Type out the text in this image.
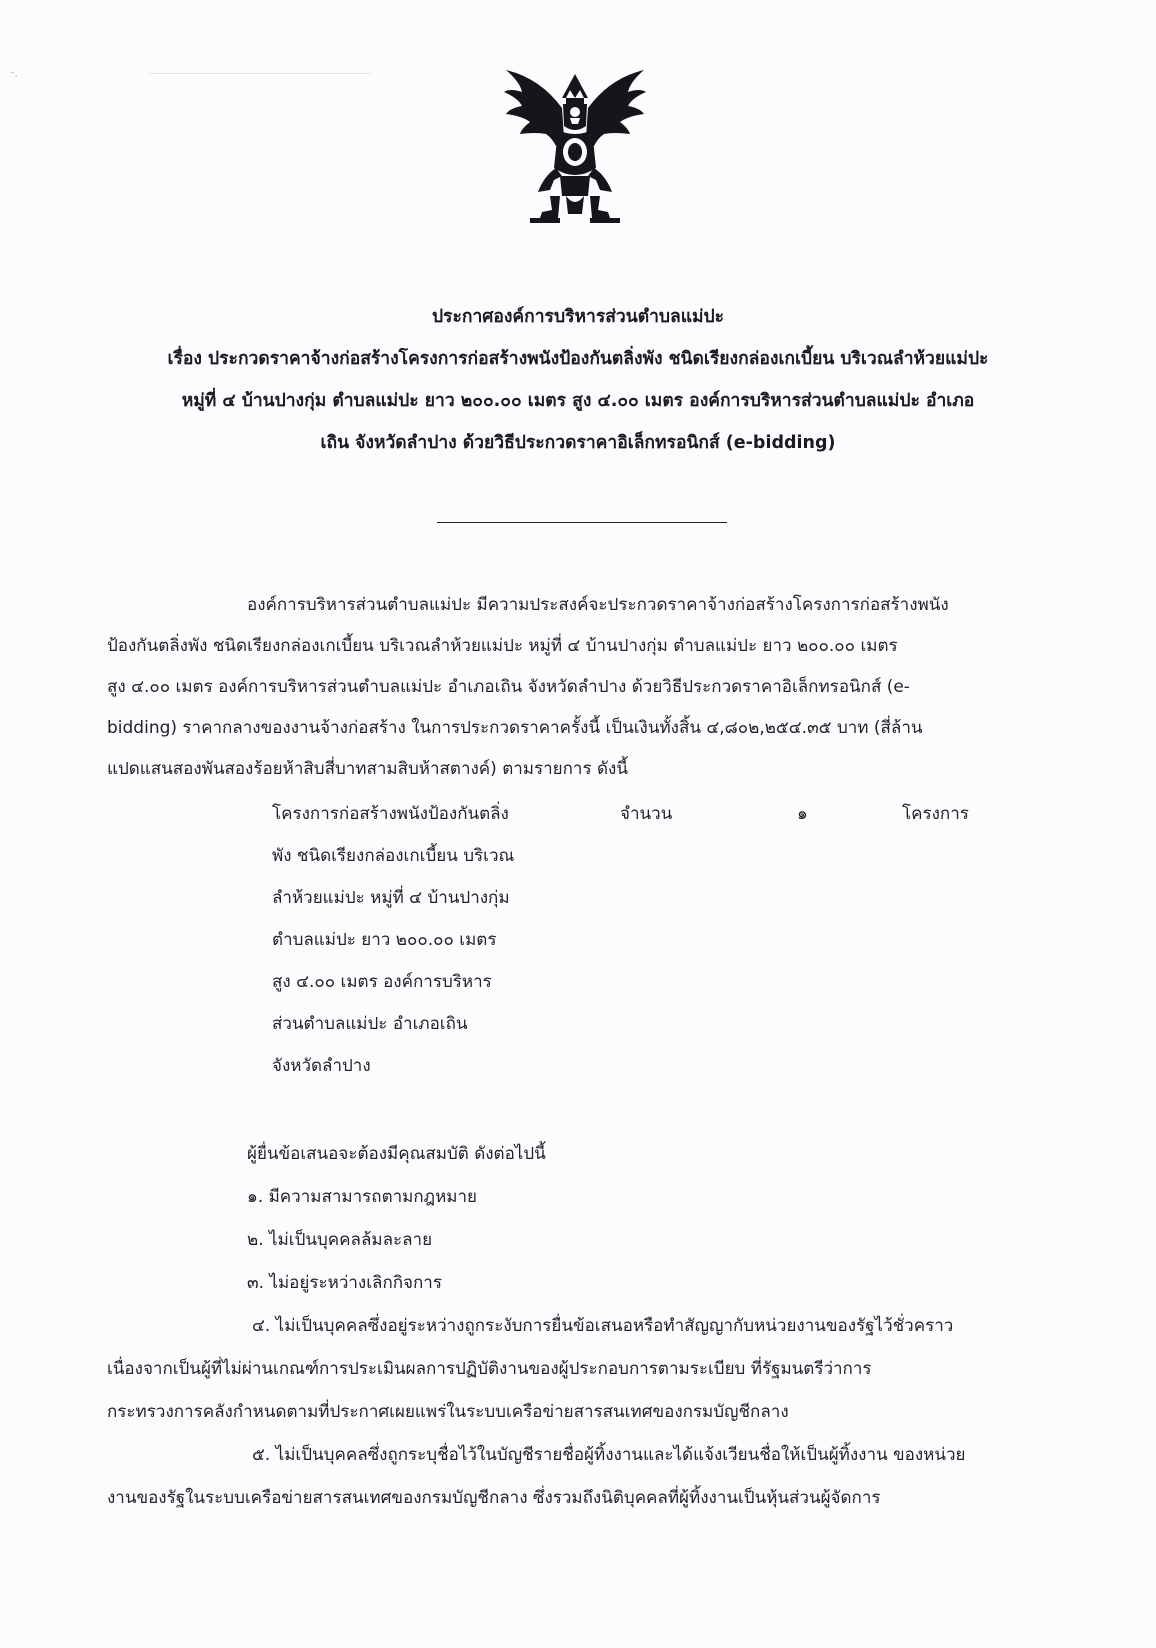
⁻.
ประกาศองค์การบริหารส่วนตำบลแม่ปะ
เรื่อง ประกวดราคาจ้างก่อสร้างโครงการก่อสร้างพนังป้องกันตลิ่งพัง ชนิดเรียงกล่องเกเบี้ยน บริเวณลำห้วยแม่ปะ
หมู่ที่ ๔ บ้านปางกุ่ม ตำบลแม่ปะ ยาว ๒๐๐.๐๐ เมตร สูง ๔.๐๐ เมตร องค์การบริหารส่วนตำบลแม่ปะ อำเภอ
เถิน จังหวัดลำปาง ด้วยวิธีประกวดราคาอิเล็กทรอนิกส์ (e-bidding)
องค์การบริหารส่วนตำบลแม่ปะ มีความประสงค์จะประกวดราคาจ้างก่อสร้างโครงการก่อสร้างพนัง
ป้องกันตลิ่งพัง ชนิดเรียงกล่องเกเบี้ยน บริเวณลำห้วยแม่ปะ หมู่ที่ ๔ บ้านปางกุ่ม ตำบลแม่ปะ ยาว ๒๐๐.๐๐ เมตร
สูง ๔.๐๐ เมตร องค์การบริหารส่วนตำบลแม่ปะ อำเภอเถิน จังหวัดลำปาง ด้วยวิธีประกวดราคาอิเล็กทรอนิกส์ (e-
bidding) ราคากลางของงานจ้างก่อสร้าง ในการประกวดราคาครั้งนี้ เป็นเงินทั้งสิ้น ๔,๘๐๒,๒๕๔.๓๕ บาท (สี่ล้าน
แปดแสนสองพันสองร้อยห้าสิบสี่บาทสามสิบห้าสตางค์) ตามรายการ ดังนี้
โครงการก่อสร้างพนังป้องกันตลิ่ง
พัง ชนิดเรียงกล่องเกเบี้ยน บริเวณ
ลำห้วยแม่ปะ หมู่ที่ ๔ บ้านปางกุ่ม
ตำบลแม่ปะ ยาว ๒๐๐.๐๐ เมตร
สูง ๔.๐๐ เมตร องค์การบริหาร
ส่วนตำบลแม่ปะ อำเภอเถิน
จังหวัดลำปาง
จำนวน	๑	โครงการ
ผู้ยื่นข้อเสนอจะต้องมีคุณสมบัติ ดังต่อไปนี้
๑. มีความสามารถตามกฎหมาย
๒. ไม่เป็นบุคคลล้มละลาย
๓. ไม่อยู่ระหว่างเลิกกิจการ
๔. ไม่เป็นบุคคลซึ่งอยู่ระหว่างถูกระงับการยื่นข้อเสนอหรือทำสัญญากับหน่วยงานของรัฐไว้ชั่วคราว
เนื่องจากเป็นผู้ที่ไม่ผ่านเกณฑ์การประเมินผลการปฏิบัติงานของผู้ประกอบการตามระเบียบ ที่รัฐมนตรีว่าการ
กระทรวงการคลังกำหนดตามที่ประกาศเผยแพร่ในระบบเครือข่ายสารสนเทศของกรมบัญชีกลาง
๕. ไม่เป็นบุคคลซึ่งถูกระบุชื่อไว้ในบัญชีรายชื่อผู้ทิ้งงานและได้แจ้งเวียนชื่อให้เป็นผู้ทิ้งงาน ของหน่วย
งานของรัฐในระบบเครือข่ายสารสนเทศของกรมบัญชีกลาง ซึ่งรวมถึงนิติบุคคลที่ผู้ทิ้งงานเป็นหุ้นส่วนผู้จัดการ
